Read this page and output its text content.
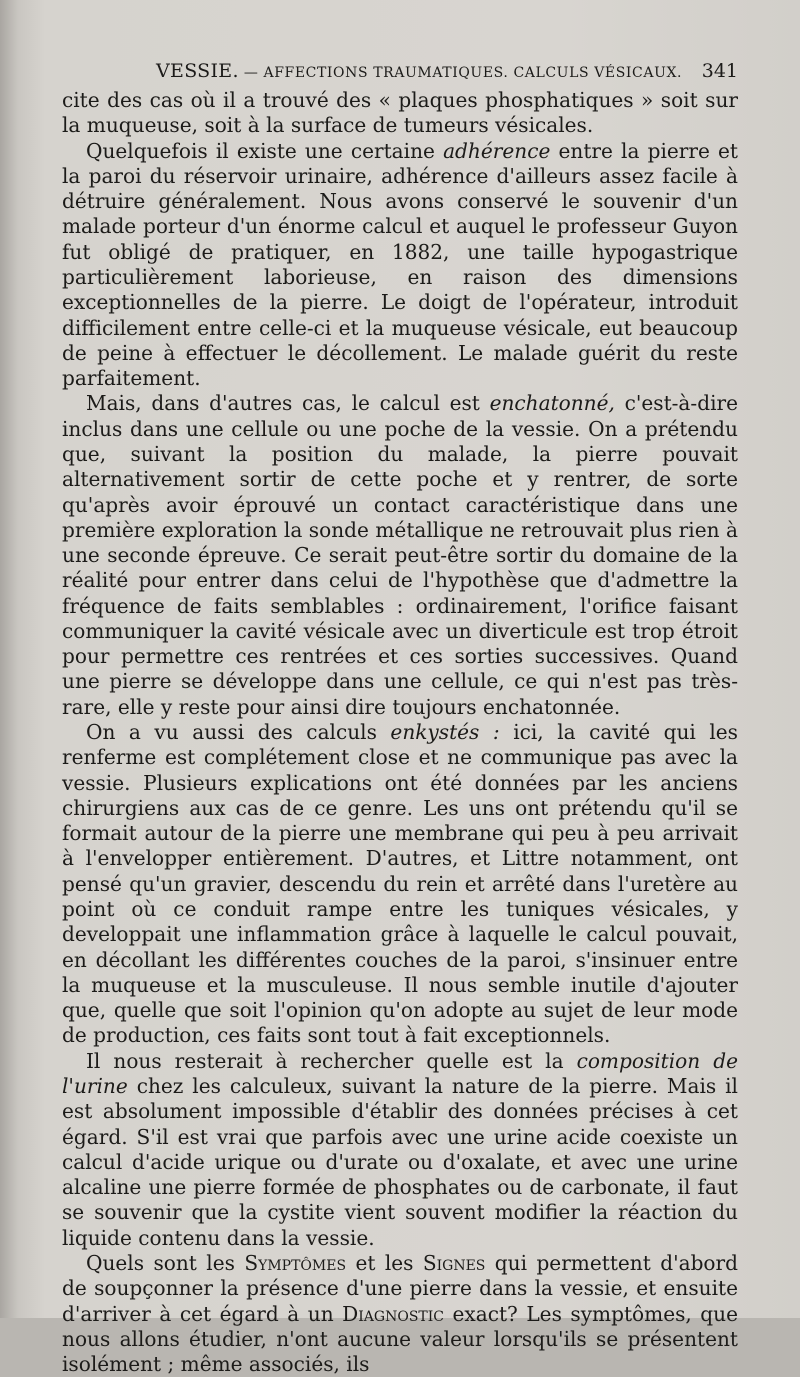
VESSIE. — AFFECTIONS TRAUMATIQUES. CALCULS VÉSICAUX. 341

cite des cas où il a trouvé des « plaques phosphatiques » soit sur la muqueuse, soit à la surface de tumeurs vésicales.

Quelquefois il existe une certaine adhérence entre la pierre et la paroi du réservoir urinaire, adhérence d'ailleurs assez facile à détruire généralement. Nous avons conservé le souvenir d'un malade porteur d'un énorme calcul et auquel le professeur Guyon fut obligé de pratiquer, en 1882, une taille hypogastrique particulièrement laborieuse, en raison des dimensions exceptionnelles de la pierre. Le doigt de l'opérateur, introduit difficilement entre celle-ci et la muqueuse vésicale, eut beaucoup de peine à effectuer le décollement. Le malade guérit du reste parfaitement.

Mais, dans d'autres cas, le calcul est enchatonné, c'est-à-dire inclus dans une cellule ou une poche de la vessie. On a prétendu que, suivant la position du malade, la pierre pouvait alternativement sortir de cette poche et y rentrer, de sorte qu'après avoir éprouvé un contact caractéristique dans une première exploration la sonde métallique ne retrouvait plus rien à une seconde épreuve. Ce serait peut-être sortir du domaine de la réalité pour entrer dans celui de l'hypothèse que d'admettre la fréquence de faits semblables : ordinairement, l'orifice faisant communiquer la cavité vésicale avec un diverticule est trop étroit pour permettre ces rentrées et ces sorties successives. Quand une pierre se développe dans une cellule, ce qui n'est pas très-rare, elle y reste pour ainsi dire toujours enchatonnée.

On a vu aussi des calculs enkystés : ici, la cavité qui les renferme est complétement close et ne communique pas avec la vessie. Plusieurs explications ont été données par les anciens chirurgiens aux cas de ce genre. Les uns ont prétendu qu'il se formait autour de la pierre une membrane qui peu à peu arrivait à l'envelopper entièrement. D'autres, et Littre notamment, ont pensé qu'un gravier, descendu du rein et arrêté dans l'uretère au point où ce conduit rampe entre les tuniques vésicales, y developpait une inflammation grâce à laquelle le calcul pouvait, en décollant les différentes couches de la paroi, s'insinuer entre la muqueuse et la musculeuse. Il nous semble inutile d'ajouter que, quelle que soit l'opinion qu'on adopte au sujet de leur mode de production, ces faits sont tout à fait exceptionnels.

Il nous resterait à rechercher quelle est la composition de l'urine chez les calculeux, suivant la nature de la pierre. Mais il est absolument impossible d'établir des données précises à cet égard. S'il est vrai que parfois avec une urine acide coexiste un calcul d'acide urique ou d'urate ou d'oxalate, et avec une urine alcaline une pierre formée de phosphates ou de carbonate, il faut se souvenir que la cystite vient souvent modifier la réaction du liquide contenu dans la vessie.

Quels sont les Symptômes et les Signes qui permettent d'abord de soupçonner la présence d'une pierre dans la vessie, et ensuite d'arriver à cet égard à un Diagnostic exact? Les symptômes, que nous allons étudier, n'ont aucune valeur lorsqu'ils se présentent isolément ; même associés, ils
